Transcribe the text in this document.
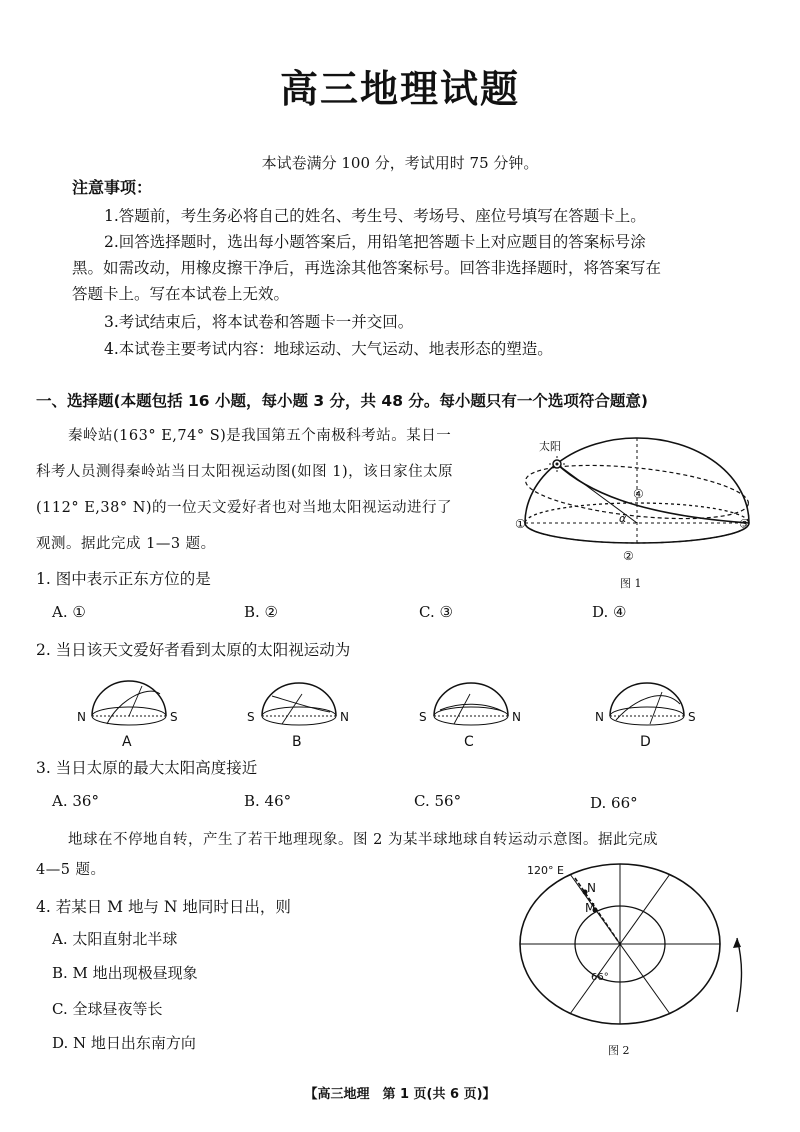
高三地理试题
本试卷满分 100 分，考试用时 75 分钟。
注意事项：
1.答题前，考生务必将自己的姓名、考生号、考场号、座位号填写在答题卡上。
2.回答选择题时，选出每小题答案后，用铅笔把答题卡上对应题目的答案标号涂
黑。如需改动，用橡皮擦干净后，再选涂其他答案标号。回答非选择题时，将答案写在
答题卡上。写在本试卷上无效。
3.考试结束后，将本试卷和答题卡一并交回。
4.本试卷主要考试内容：地球运动、大气运动、地表形态的塑造。
一、选择题(本题包括 16 小题，每小题 3 分，共 48 分。每小题只有一个选项符合题意)
秦岭站(163° E,74° S)是我国第五个南极科考站。某日一
科考人员测得秦岭站当日太阳视运动图(如图 1)，该日家住太原
(112° E,38° N)的一位天文爱好者也对当地太阳视运动进行了
观测。据此完成 1—3 题。
太阳
①
②
③
④
α
图 1
1. 图中表示正东方位的是
A. ①	B. ②	C. ③	D. ④
2. 当日该天文爱好者看到太原的太阳视运动为
N	S
A
S	N
B
S	N
C
N	S
D
3. 当日太原的最大太阳高度接近
A. 36°	B. 46°	C. 56°	D. 66°
地球在不停地自转，产生了若干地理现象。图 2 为某半球地球自转运动示意图。据此完成
4—5 题。	120° E
N
M
66°
图 2
4. 若某日 M 地与 N 地同时日出，则
A. 太阳直射北半球
B. M 地出现极昼现象
C. 全球昼夜等长
D. N 地日出东南方向
【高三地理　第 1 页(共 6 页)】
